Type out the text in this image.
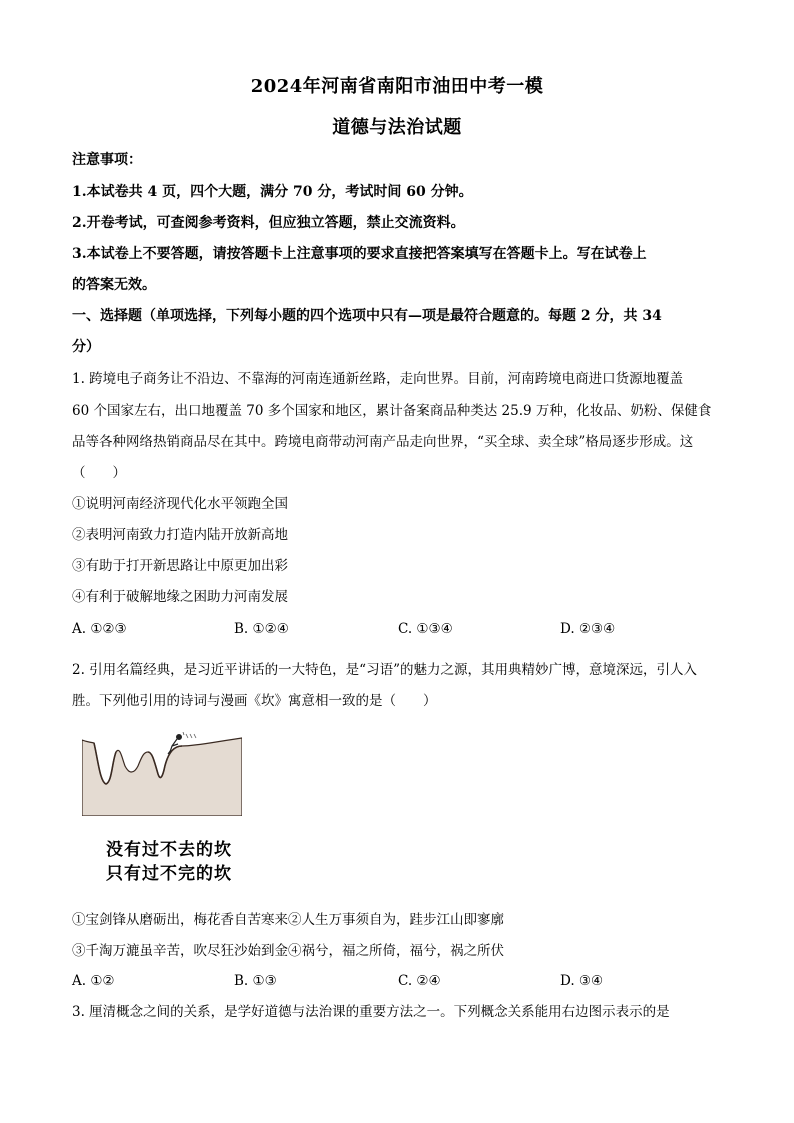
2024年河南省南阳市油田中考一模
道德与法治试题
注意事项：
1.本试卷共 4 页，四个大题，满分 70 分，考试时间 60 分钟。
2.开卷考试，可查阅参考资料，但应独立答题，禁止交流资料。
3.本试卷上不要答题，请按答题卡上注意事项的要求直接把答案填写在答题卡上。写在试卷上
的答案无效。
一、选择题（单项选择，下列每小题的四个选项中只有—项是最符合题意的。每题 2 分，共 34
分）
1. 跨境电子商务让不沿边、不靠海的河南连通新丝路，走向世界。目前，河南跨境电商进口货源地覆盖
60 个国家左右，出口地覆盖 70 多个国家和地区，累计备案商品种类达 25.9 万种，化妆品、奶粉、保健食
品等各种网络热销商品尽在其中。跨境电商带动河南产品走向世界，“买全球、卖全球”格局逐步形成。这
（　　）
①说明河南经济现代化水平领跑全国
②表明河南致力打造内陆开放新高地
③有助于打开新思路让中原更加出彩
④有利于破解地缘之困助力河南发展
A. ①②③	B. ①②④	C. ①③④	D. ②③④
2. 引用名篇经典，是习近平讲话的一大特色，是“习语”的魅力之源，其用典精妙广博，意境深远，引人入
胜。下列他引用的诗词与漫画《坎》寓意相一致的是（　　）
没有过不去的坎
只有过不完的坎
①宝剑锋从磨砺出，梅花香自苦寒来②人生万事须自为，跬步江山即寥廓
③千淘万漉虽辛苦，吹尽狂沙始到金④祸兮，福之所倚，福兮，祸之所伏
A. ①②	B. ①③	C. ②④	D. ③④
3. 厘清概念之间的关系，是学好道德与法治课的重要方法之一。下列概念关系能用右边图示表示的是
